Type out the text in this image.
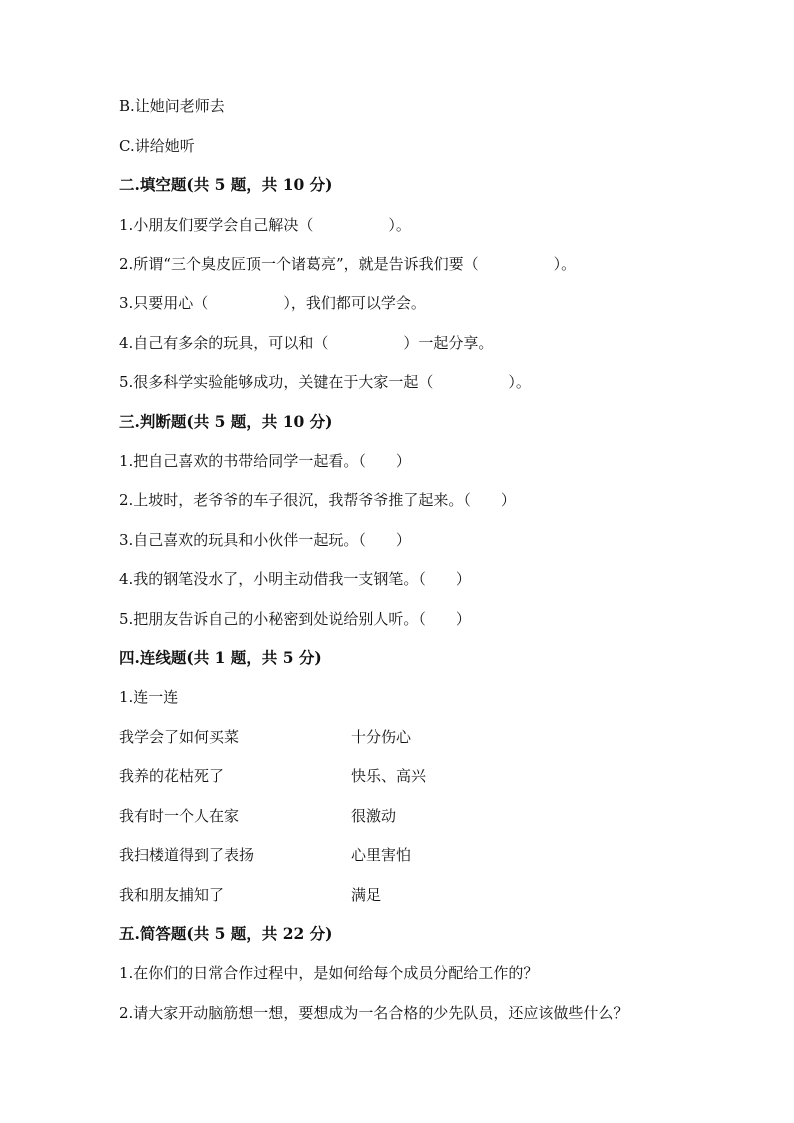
B.让她问老师去
C.讲给她听
二.填空题(共 5 题，共 10 分)
1.小朋友们要学会自己解决（　　　　　）。
2.所谓“三个臭皮匠顶一个诸葛亮”，就是告诉我们要（　　　　　）。
3.只要用心（　　　　　），我们都可以学会。
4.自己有多余的玩具，可以和（　　　　　）一起分享。
5.很多科学实验能够成功，关键在于大家一起（　　　　　）。
三.判断题(共 5 题，共 10 分)
1.把自己喜欢的书带给同学一起看。（　　）
2.上坡时，老爷爷的车子很沉，我帮爷爷推了起来。（　　）
3.自己喜欢的玩具和小伙伴一起玩。（　　）
4.我的钢笔没水了，小明主动借我一支钢笔。（　　）
5.把朋友告诉自己的小秘密到处说给别人听。（　　）
四.连线题(共 1 题，共 5 分)
1.连一连
我学会了如何买菜	十分伤心
我养的花枯死了	快乐、高兴
我有时一个人在家	很激动
我扫楼道得到了表扬	心里害怕
我和朋友捕知了	满足
五.简答题(共 5 题，共 22 分)
1.在你们的日常合作过程中，是如何给每个成员分配给工作的？
2.请大家开动脑筋想一想，要想成为一名合格的少先队员，还应该做些什么？
